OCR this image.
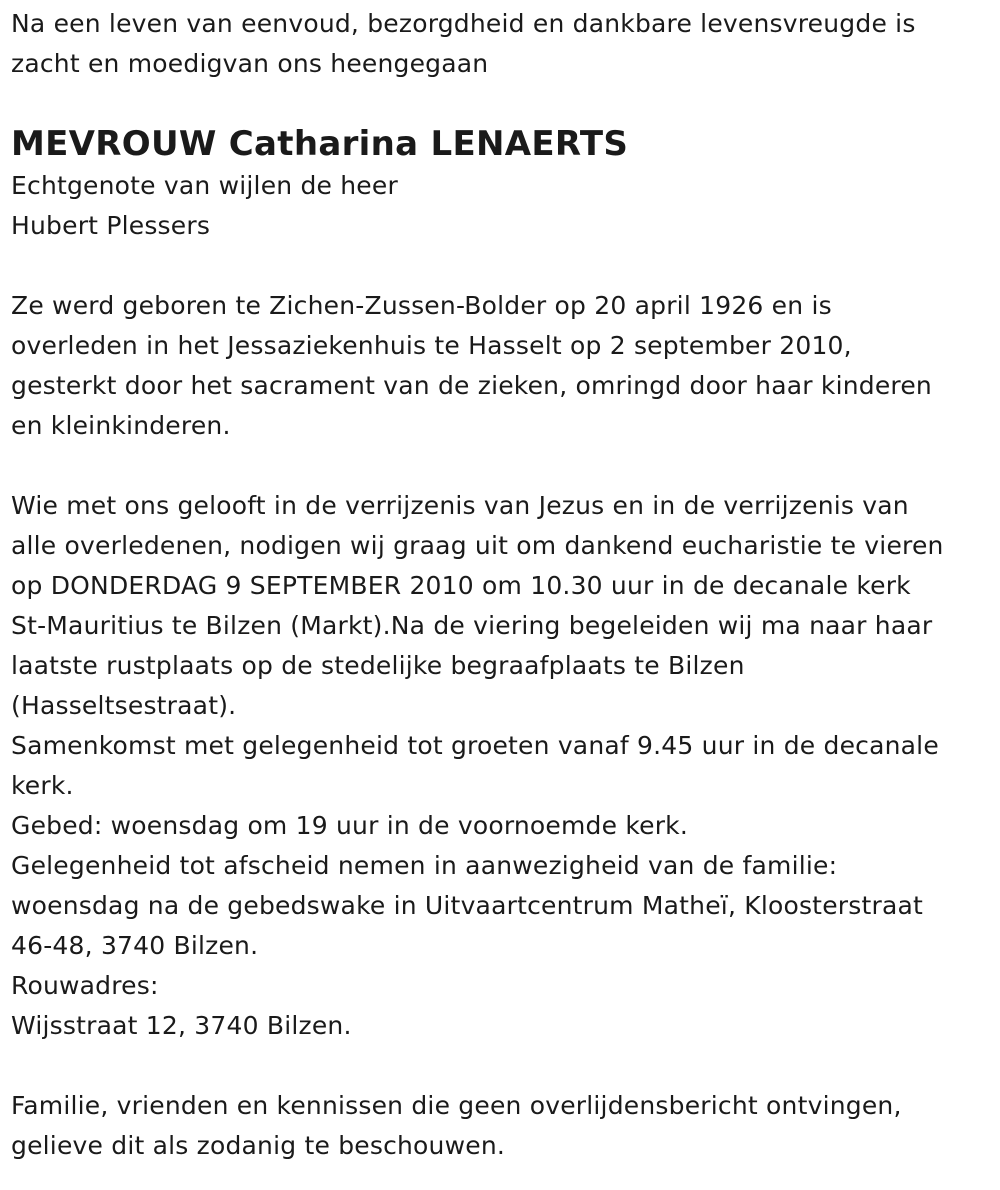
Na een leven van eenvoud, bezorgdheid en dankbare levensvreugde is
zacht en moedigvan ons heengegaan
MEVROUW Catharina LENAERTS
Echtgenote van wijlen de heer
Hubert Plessers
Ze werd geboren te Zichen-Zussen-Bolder op 20 april 1926 en is
overleden in het Jessaziekenhuis te Hasselt op 2 september 2010,
gesterkt door het sacrament van de zieken, omringd door haar kinderen
en kleinkinderen.
Wie met ons gelooft in de verrijzenis van Jezus en in de verrijzenis van
alle overledenen, nodigen wij graag uit om dankend eucharistie te vieren
op DONDERDAG 9 SEPTEMBER 2010 om 10.30 uur in de decanale kerk
St-Mauritius te Bilzen (Markt).Na de viering begeleiden wij ma naar haar
laatste rustplaats op de stedelijke begraafplaats te Bilzen
(Hasseltsestraat).
Samenkomst met gelegenheid tot groeten vanaf 9.45 uur in de decanale
kerk.
Gebed: woensdag om 19 uur in de voornoemde kerk.
Gelegenheid tot afscheid nemen in aanwezigheid van de familie:
woensdag na de gebedswake in Uitvaartcentrum Matheï, Kloosterstraat
46-48, 3740 Bilzen.
Rouwadres:
Wijsstraat 12, 3740 Bilzen.
Familie, vrienden en kennissen die geen overlijdensbericht ontvingen,
gelieve dit als zodanig te beschouwen.
